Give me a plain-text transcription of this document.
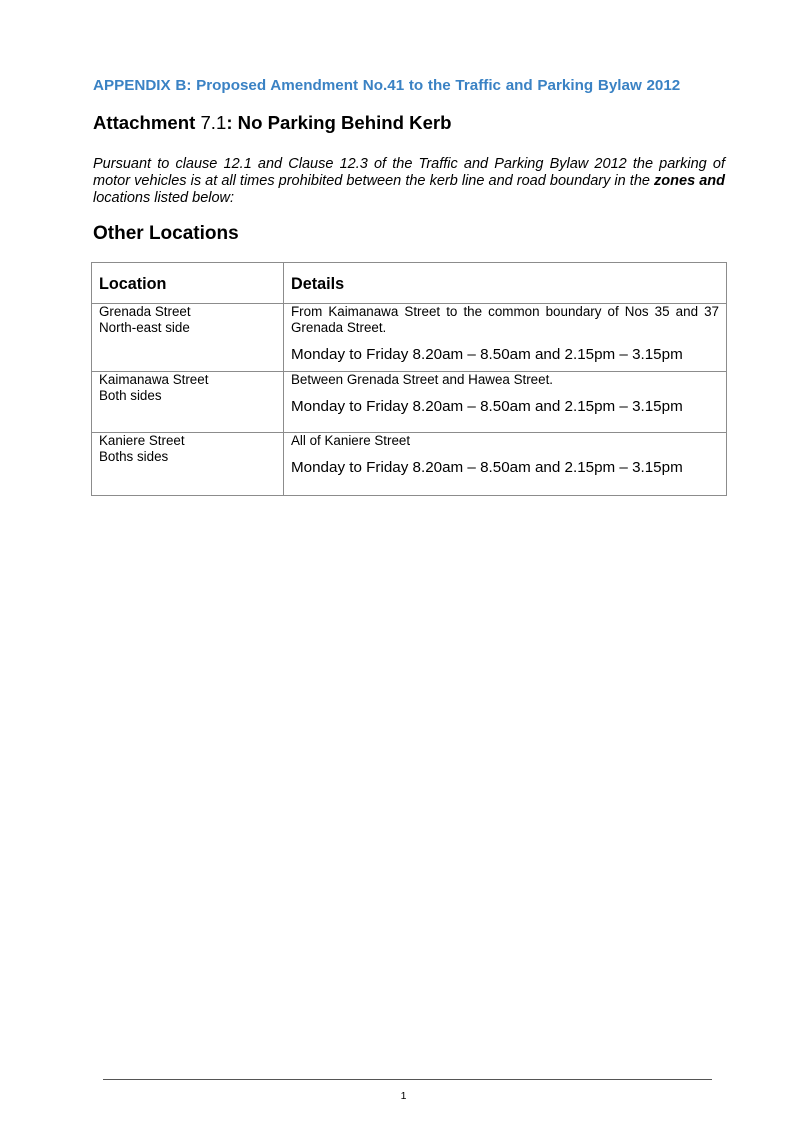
APPENDIX B: Proposed Amendment No.41 to the Traffic and Parking Bylaw 2012
Attachment 7.1: No Parking Behind Kerb
Pursuant to clause 12.1 and Clause 12.3 of the Traffic and Parking Bylaw 2012 the parking of motor vehicles is at all times prohibited between the kerb line and road boundary in the zones and locations listed below:
Other Locations
Location	Details

Grenada Street
North-east side	From Kaimanawa Street to the common boundary of Nos 35 and 37 Grenada Street.
Monday to Friday 8.20am – 8.50am and 2.15pm – 3.15pm

Kaimanawa Street
Both sides	Between Grenada Street and Hawea Street.
Monday to Friday 8.20am – 8.50am and 2.15pm – 3.15pm

Kaniere Street
Boths sides	All of Kaniere Street
Monday to Friday 8.20am – 8.50am and 2.15pm – 3.15pm
1
